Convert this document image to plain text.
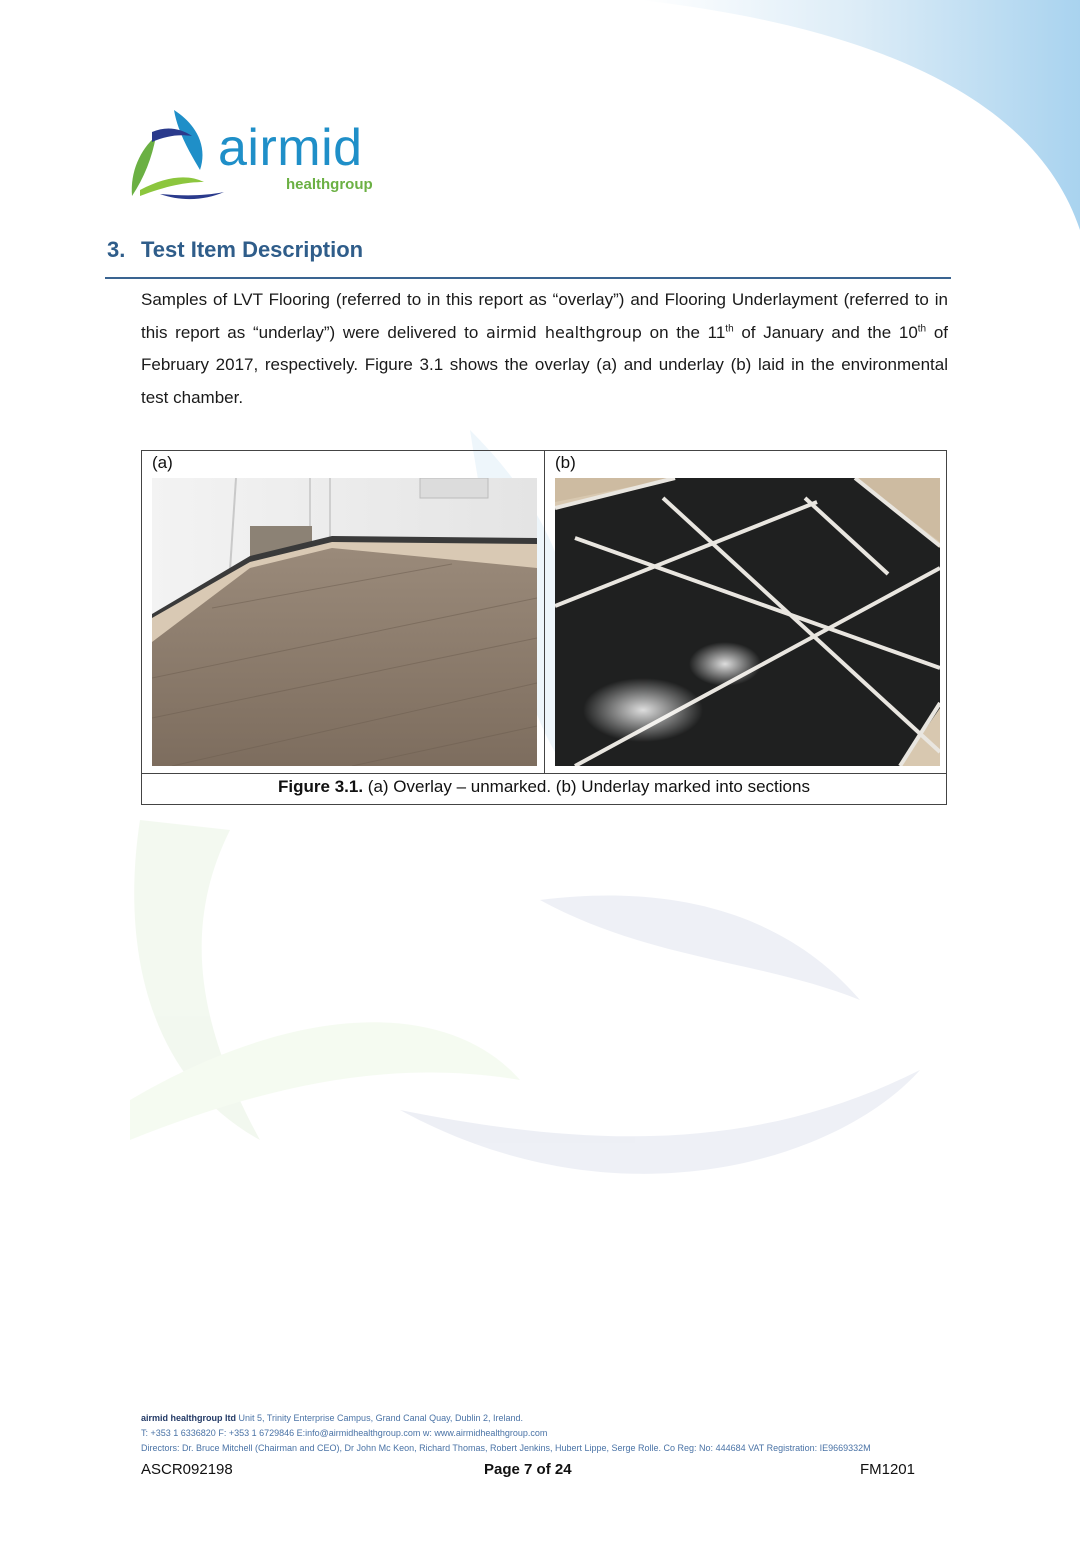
airmid
healthgroup
3. Test Item Description
Samples of LVT Flooring (referred to in this report as “overlay”) and Flooring Underlayment (referred to in this report as “underlay”) were delivered to airmid healthgroup on the 11th of January and the 10th of February 2017, respectively. Figure 3.1 shows the overlay (a) and underlay (b) laid in the environmental test chamber.
(a)	(b)
Figure 3.1. (a) Overlay – unmarked. (b) Underlay marked into sections
airmid healthgroup ltd Unit 5, Trinity Enterprise Campus, Grand Canal Quay, Dublin 2, Ireland.
T: +353 1 6336820 F: +353 1 6729846 E:info@airmidhealthgroup.com w: www.airmidhealthgroup.com
Directors: Dr. Bruce Mitchell (Chairman and CEO), Dr John Mc Keon, Richard Thomas, Robert Jenkins, Hubert Lippe, Serge Rolle. Co Reg: No: 444684 VAT Registration: IE9669332M
ASCR092198	Page 7 of 24	FM1201
